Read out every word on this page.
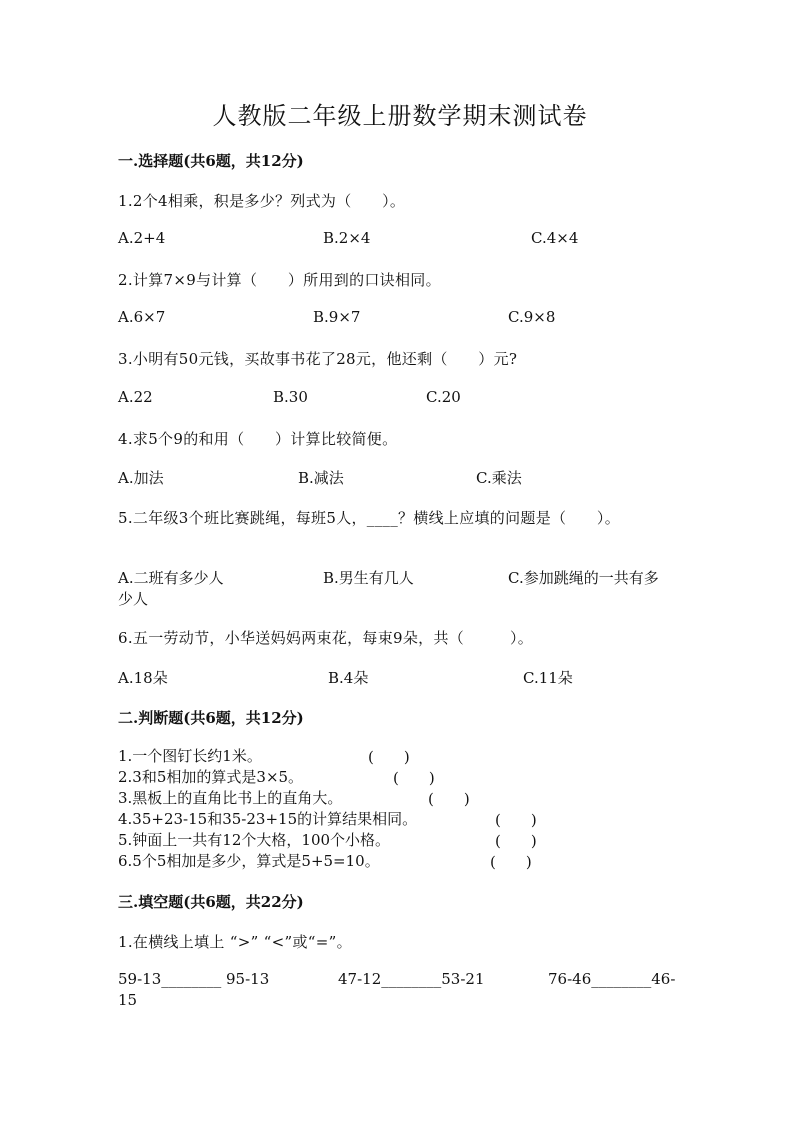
人教版二年级上册数学期末测试卷
一.选择题(共6题，共12分)
1.2个4相乘，积是多少？列式为（　　）。
A.2+4	B.2×4	C.4×4
2.计算7×9与计算（　　）所用到的口诀相同。
A.6×7	B.9×7	C.9×8
3.小明有50元钱，买故事书花了28元，他还剩（　　）元?
A.22	B.30	C.20
4.求5个9的和用（　　）计算比较简便。
A.加法	B.减法	C.乘法
5.二年级3个班比赛跳绳，每班5人，____？横线上应填的问题是（　　）。
A.二班有多少人	B.男生有几人	C.参加跳绳的一共有多
少人
6.五一劳动节，小华送妈妈两束花，每束9朵，共（　　　）。
A.18朵	B.4朵	C.11朵
二.判断题(共6题，共12分)
1.一个图钉长约1米。	(　　)
2.3和5相加的算式是3×5。	(　　)
3.黑板上的直角比书上的直角大。	(　　)
4.35+23-15和35-23+15的计算结果相同。	(　　)
5.钟面上一共有12个大格，100个小格。	(　　)
6.5个5相加是多少，算式是5+5=10。	(　　)
三.填空题(共6题，共22分)
1.在横线上填上 “>” “<”或“=”。
59-13________ 95-13	47-12________53-21	76-46________46-
15
